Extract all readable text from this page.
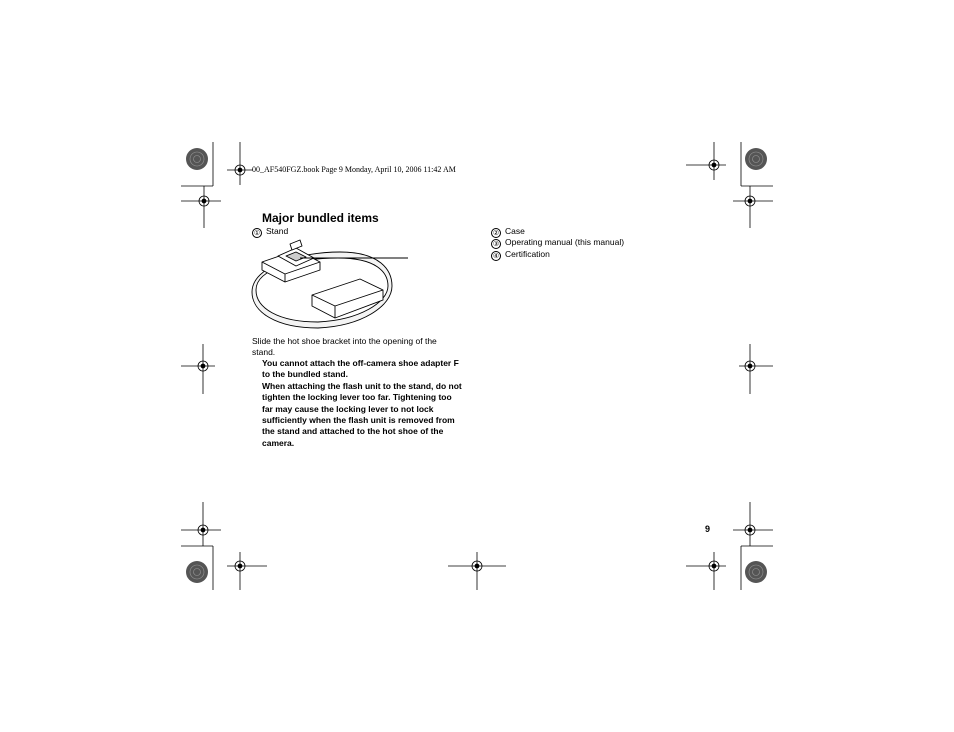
00_AF540FGZ.book Page 9 Monday, April 10, 2006 11:42 AM
Major bundled items
① Stand	② Case
③ Operating manual (this manual)
④ Certification
Slide the hot shoe bracket into the opening of the
stand.
You cannot attach the off-camera shoe adapter F
to the bundled stand.
When attaching the flash unit to the stand, do not
tighten the locking lever too far. Tightening too
far may cause the locking lever to not lock
sufficiently when the flash unit is removed from
the stand and attached to the hot shoe of the
camera.
9
